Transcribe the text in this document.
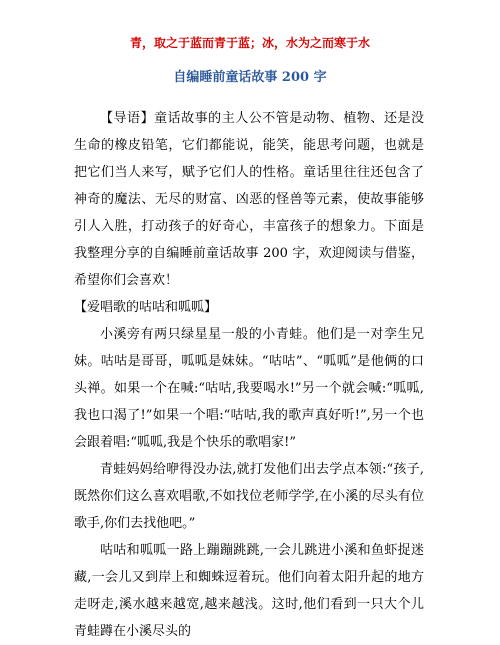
青，取之于蓝而青于蓝；冰，水为之而寒于水
自编睡前童话故事 200 字

【导语】童话故事的主人公不管是动物、植物、还是没生命的橡皮铅笔，它们都能说，能笑，能思考问题，也就是把它们当人来写，赋予它们人的性格。童话里往往还包含了神奇的魔法、无尽的财富、凶恶的怪兽等元素，使故事能够引人入胜，打动孩子的好奇心，丰富孩子的想象力。下面是我整理分享的自编睡前童话故事 200 字，欢迎阅读与借鉴，希望你们会喜欢！

【爱唱歌的咕咕和呱呱】

小溪旁有两只绿星星一般的小青蛙。他们是一对孪生兄妹。咕咕是哥哥，呱呱是妹妹。“咕咕”、“呱呱”是他俩的口头禅。如果一个在喊:“咕咕,我要喝水!”另一个就会喊:“呱呱,我也口渴了!”如果一个唱:“咕咕,我的歌声真好听!”,另一个也会跟着唱:“呱呱,我是个快乐的歌唱家!”

青蛙妈妈给咿得没办法,就打发他们出去学点本领:“孩子,既然你们这么喜欢唱歌,不如找位老师学学,在小溪的尽头有位歌手,你们去找他吧。”

咕咕和呱呱一路上蹦蹦跳跳,一会儿跳进小溪和鱼虾捉迷藏,一会儿又到岸上和蜘蛛逗着玩。他们向着太阳升起的地方走呀走,溪水越来越宽,越来越浅。这时,他们看到一只大个儿青蛙蹲在小溪尽头的
